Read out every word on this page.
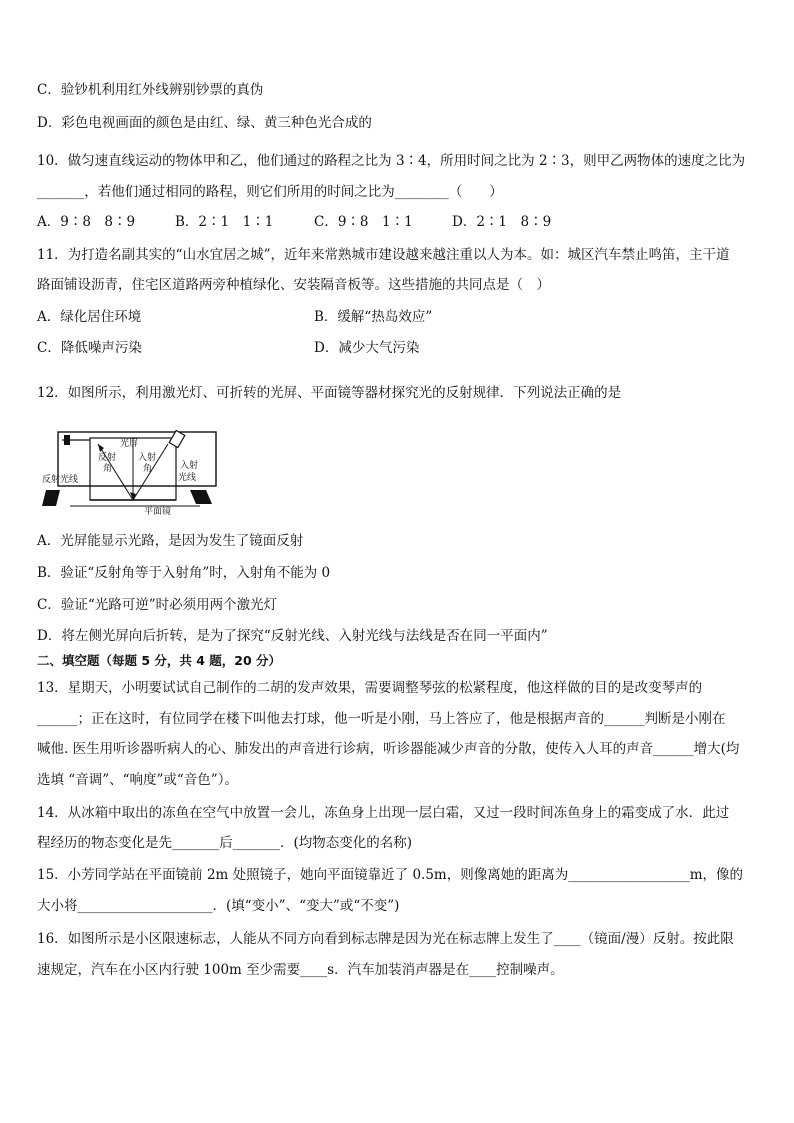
C．验钞机利用红外线辨别钞票的真伪
D．彩色电视画面的颜色是由红、绿、黄三种色光合成的
10．做匀速直线运动的物体甲和乙，他们通过的路程之比为 3∶4，所用时间之比为 2∶3，则甲乙两物体的速度之比为
_______，若他们通过相同的路程，则它们所用的时间之比为________（　　）
A．9∶8　8∶9	B．2∶1　1∶1	C．9∶8　1∶1	D．2∶1　8∶9
11．为打造名副其实的“山水宜居之城”，近年来常熟城市建设越来越注重以人为本。如：城区汽车禁止鸣笛，主干道
路面铺设沥青，住宅区道路两旁种植绿化、安装隔音板等。这些措施的共同点是（　）
A．绿化居住环境	B．缓解“热岛效应”
C．降低噪声污染	D．减少大气污染
12．如图所示，利用激光灯、可折转的光屏、平面镜等器材探究光的反射规律．下列说法正确的是
光屏
反射
角
入射
角
反射光线
入射
光线
平面镜
A．光屏能显示光路，是因为发生了镜面反射
B．验证“反射角等于入射角”时，入射角不能为 0
C．验证“光路可逆”时必须用两个激光灯
D．将左侧光屏向后折转，是为了探究“反射光线、入射光线与法线是否在同一平面内”
二、填空题（每题 5 分，共 4 题，20 分）
13．星期天，小明要试试自己制作的二胡的发声效果，需要调整琴弦的松紧程度，他这样做的目的是改变琴声的
______；正在这时，有位同学在楼下叫他去打球，他一听是小刚，马上答应了，他是根据声音的______判断是小刚在
喊他. 医生用听诊器听病人的心、肺发出的声音进行诊病，听诊器能减少声音的分散，使传入人耳的声音______增大(均
选填 “音调”、“响度”或“音色”）。
14．从冰箱中取出的冻鱼在空气中放置一会儿，冻鱼身上出现一层白霜，又过一段时间冻鱼身上的霜变成了水．此过
程经历的物态变化是先_______后_______．(均物态变化的名称)
15．小芳同学站在平面镜前 2m 处照镜子，她向平面镜靠近了 0.5m，则像离她的距离为__________________m，像的
大小将____________________．(填“变小”、“变大”或“不变”)
16．如图所示是小区限速标志，人能从不同方向看到标志牌是因为光在标志牌上发生了____（镜面/漫）反射。按此限
速规定，汽车在小区内行驶 100m 至少需要____s．汽车加装消声器是在____控制噪声。
